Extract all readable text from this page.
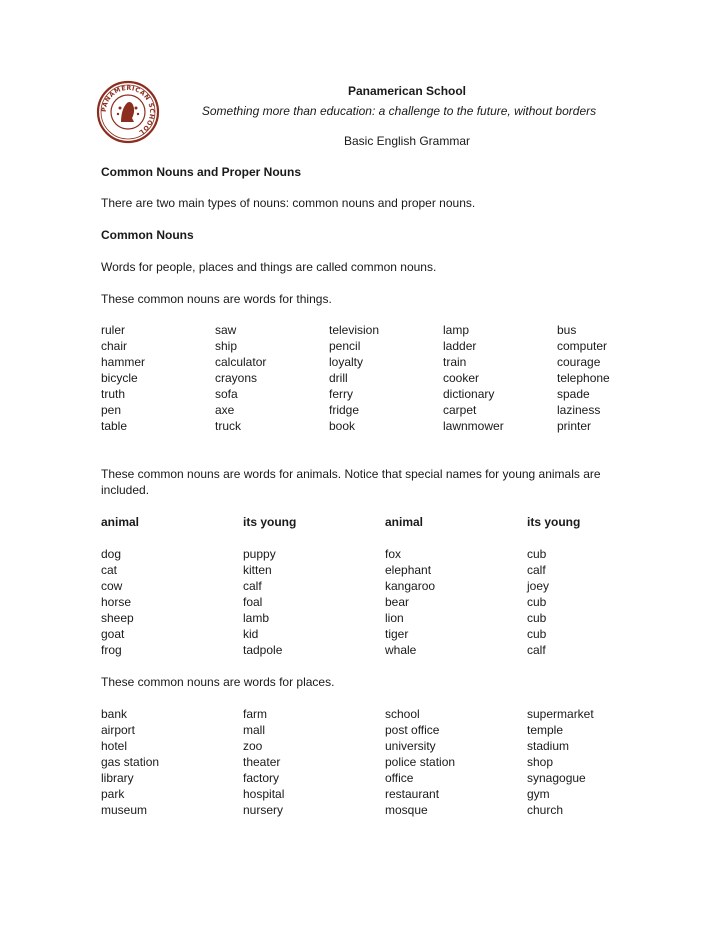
PANAMERICAN SCHOOL
Panamerican School
Something more than education: a challenge to the future, without borders
Basic English Grammar
Common Nouns and Proper Nouns
There are two main types of nouns: common nouns and proper nouns.
Common Nouns
Words for people, places and things are called common nouns.
These common nouns are words for things.
ruler	saw	television	lamp	bus
chair	ship	pencil	ladder	computer
hammer	calculator	loyalty	train	courage
bicycle	crayons	drill	cooker	telephone
truth	sofa	ferry	dictionary	spade
pen	axe	fridge	carpet	laziness
table	truck	book	lawnmower	printer
These common nouns are words for animals. Notice that special names for young animals are
included.
animal	its young	animal	its young
dog	puppy	fox	cub
cat	kitten	elephant	calf
cow	calf	kangaroo	joey
horse	foal	bear	cub
sheep	lamb	lion	cub
goat	kid	tiger	cub
frog	tadpole	whale	calf
These common nouns are words for places.
bank	farm	school	supermarket
airport	mall	post office	temple
hotel	zoo	university	stadium
gas station	theater	police station	shop
library	factory	office	synagogue
park	hospital	restaurant	gym
museum	nursery	mosque	church
